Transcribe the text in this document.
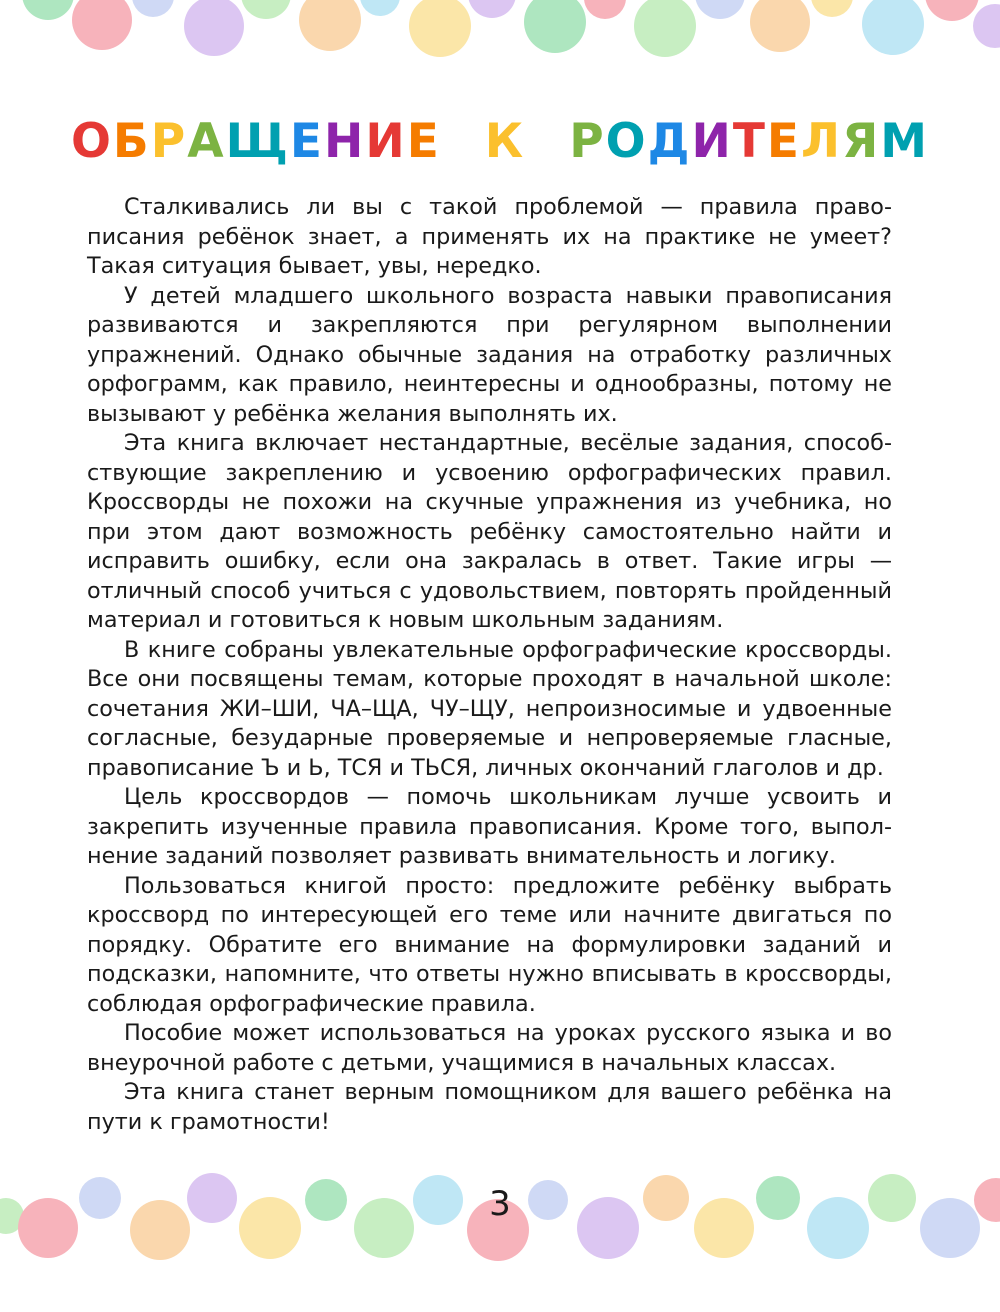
ОБРАЩЕНИЕ К РОДИТЕЛЯМ

Сталкивались ли вы с такой проблемой — правила правописания ребёнок знает, а применять их на практике не умеет? Такая ситуация бывает, увы, нередко.

У детей младшего школьного возраста навыки правописания развиваются и закрепляются при регулярном выполнении упражнений. Однако обычные задания на отработку различных орфограмм, как правило, неинтересны и однообразны, потому не вызывают у ребёнка желания выполнять их.

Эта книга включает нестандартные, весёлые задания, способствующие закреплению и усвоению орфографических правил. Кроссворды не похожи на скучные упражнения из учебника, но при этом дают возможность ребёнку самостоятельно найти и исправить ошибку, если она закралась в ответ. Такие игры — отличный способ учиться с удовольствием, повторять пройденный материал и готовиться к новым школьным заданиям.

В книге собраны увлекательные орфографические кроссворды. Все они посвящены темам, которые проходят в начальной школе: сочетания ЖИ–ШИ, ЧА–ЩА, ЧУ–ЩУ, непроизносимые и удвоенные согласные, безударные проверяемые и непроверяемые гласные, правописание Ъ и Ь, ТСЯ и ТЬСЯ, личных окончаний глаголов и др.

Цель кроссвордов — помочь школьникам лучше усвоить и закрепить изученные правила правописания. Кроме того, выполнение заданий позволяет развивать внимательность и логику.

Пользоваться книгой просто: предложите ребёнку выбрать кроссворд по интересующей его теме или начните двигаться по порядку. Обратите его внимание на формулировки заданий и подсказки, напомните, что ответы нужно вписывать в кроссворды, соблюдая орфографические правила.

Пособие может использоваться на уроках русского языка и во внеурочной работе с детьми, учащимися в начальных классах.

Эта книга станет верным помощником для вашего ребёнка на пути к грамотности!

3
